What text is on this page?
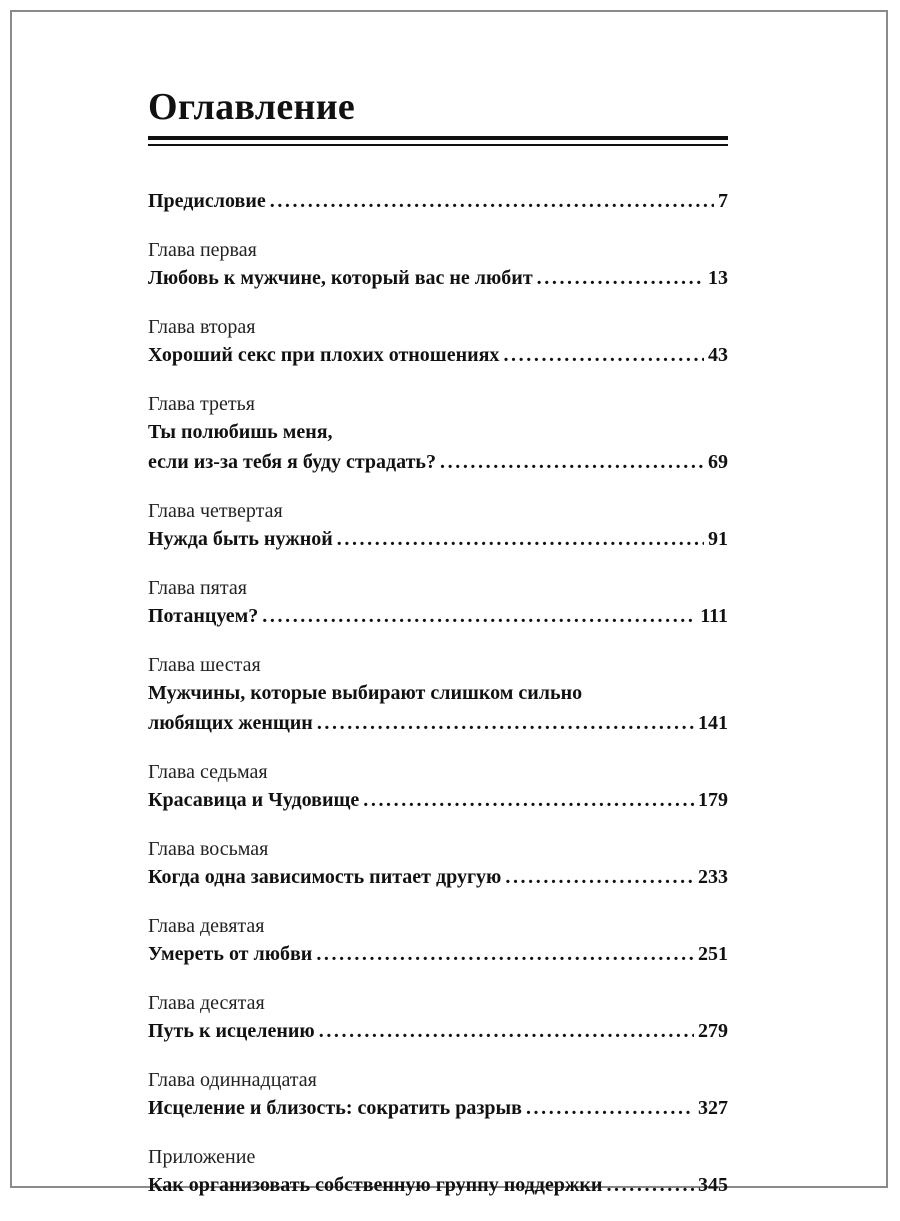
Оглавление
Предисловие . . .	7
Глава первая
Любовь к мужчине, который вас не любит . . .	13
Глава вторая
Хороший секс при плохих отношениях . . .	43
Глава третья
Ты полюбишь меня,
если из-за тебя я буду страдать? . . .	69
Глава четвертая
Нужда быть нужной . . .	91
Глава пятая
Потанцуем? . . .	111
Глава шестая
Мужчины, которые выбирают слишком сильно
любящих женщин . . .	141
Глава седьмая
Красавица и Чудовище . . .	179
Глава восьмая
Когда одна зависимость питает другую . . .	233
Глава девятая
Умереть от любви . . .	251
Глава десятая
Путь к исцелению . . .	279
Глава одиннадцатая
Исцеление и близость: сократить разрыв . . .	327
Приложение
Как организовать собственную группу поддержки . . .	345
